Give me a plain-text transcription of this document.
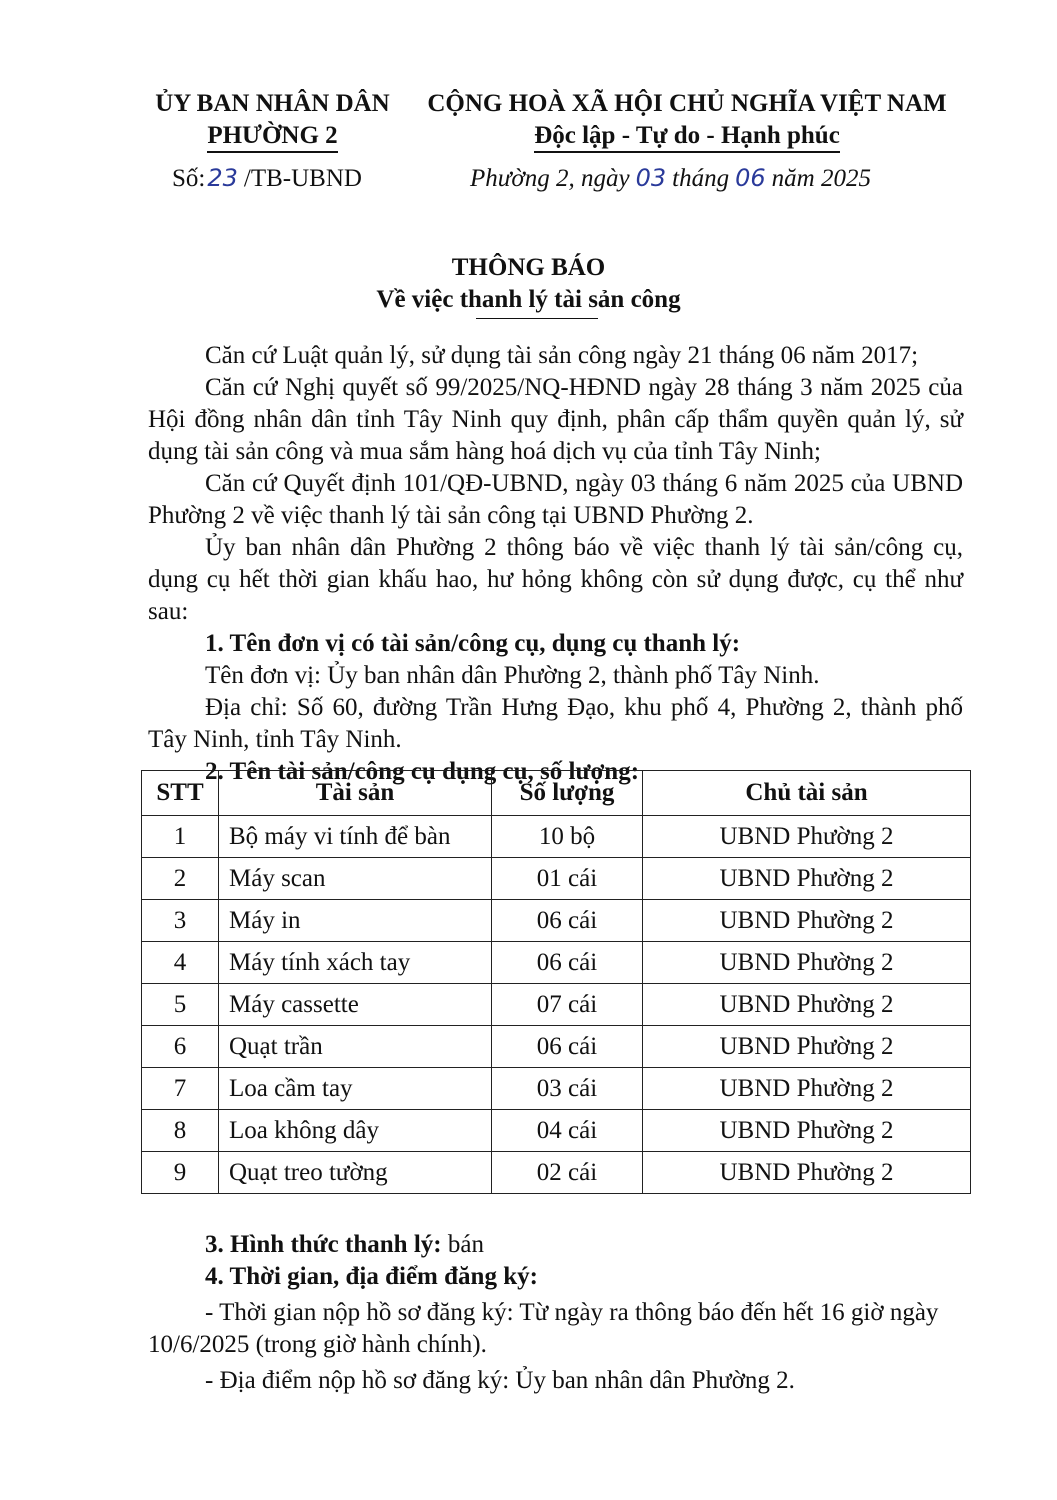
ỦY BAN NHÂN DÂN
PHƯỜNG 2
CỘNG HOÀ XÃ HỘI CHỦ NGHĨA VIỆT NAM
Độc lập - Tự do - Hạnh phúc
Số:23 /TB-UBND	Phường 2, ngày 03 tháng 06 năm 2025
THÔNG BÁO
Về việc thanh lý tài sản công

Căn cứ Luật quản lý, sử dụng tài sản công ngày 21 tháng 06 năm 2017;

Căn cứ Nghị quyết số 99/2025/NQ-HĐND ngày 28 tháng 3 năm 2025 của Hội đồng nhân dân tỉnh Tây Ninh quy định, phân cấp thẩm quyền quản lý, sử dụng tài sản công và mua sắm hàng hoá dịch vụ của tỉnh Tây Ninh;

Căn cứ Quyết định 101/QĐ-UBND, ngày 03 tháng 6 năm 2025 của UBND Phường 2 về việc thanh lý tài sản công tại UBND Phường 2.

Ủy ban nhân dân Phường 2 thông báo về việc thanh lý tài sản/công cụ, dụng cụ hết thời gian khấu hao, hư hỏng không còn sử dụng được, cụ thể như sau:

1. Tên đơn vị có tài sản/công cụ, dụng cụ thanh lý:

Tên đơn vị: Ủy ban nhân dân Phường 2, thành phố Tây Ninh.

Địa chỉ: Số 60, đường Trần Hưng Đạo, khu phố 4, Phường 2, thành phố Tây Ninh, tỉnh Tây Ninh.

2. Tên tài sản/công cụ dụng cụ, số lượng:

STT	Tài sản	Số lượng	Chủ tài sản
1	Bộ máy vi tính để bàn	10 bộ	UBND Phường 2
2	Máy scan	01 cái	UBND Phường 2
3	Máy in	06 cái	UBND Phường 2
4	Máy tính xách tay	06 cái	UBND Phường 2
5	Máy cassette	07 cái	UBND Phường 2
6	Quạt trần	06 cái	UBND Phường 2
7	Loa cầm tay	03 cái	UBND Phường 2
8	Loa không dây	04 cái	UBND Phường 2
9	Quạt treo tường	02 cái	UBND Phường 2

3. Hình thức thanh lý: bán

4. Thời gian, địa điểm đăng ký:

- Thời gian nộp hồ sơ đăng ký: Từ ngày ra thông báo đến hết 16 giờ ngày 10/6/2025 (trong giờ hành chính).

- Địa điểm nộp hồ sơ đăng ký: Ủy ban nhân dân Phường 2.
